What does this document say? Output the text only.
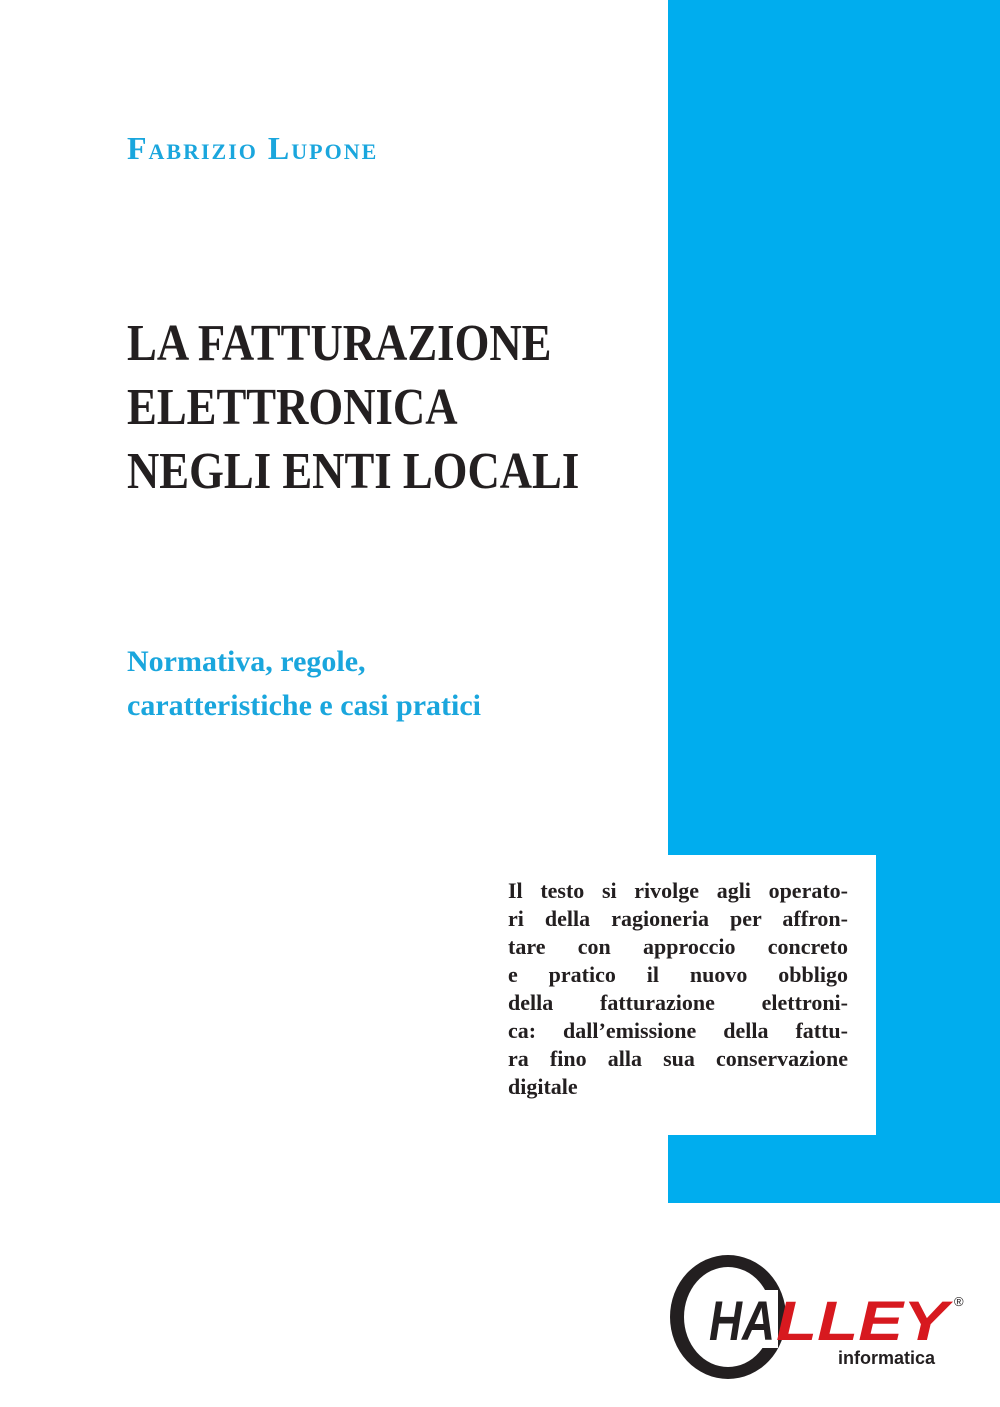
Fabrizio Lupone
LA FATTURAZIONE
ELETTRONICA
NEGLI ENTI LOCALI
Normativa, regole,
caratteristiche e casi pratici

Il testo si rivolge agli operato-
ri della ragioneria per affron-
tare con approccio concreto
e pratico il nuovo obbligo
della fatturazione elettroni-
ca: dall’emissione della fattu-
ra fino alla sua conservazione
digitale

HA LLEY ®
informatica
